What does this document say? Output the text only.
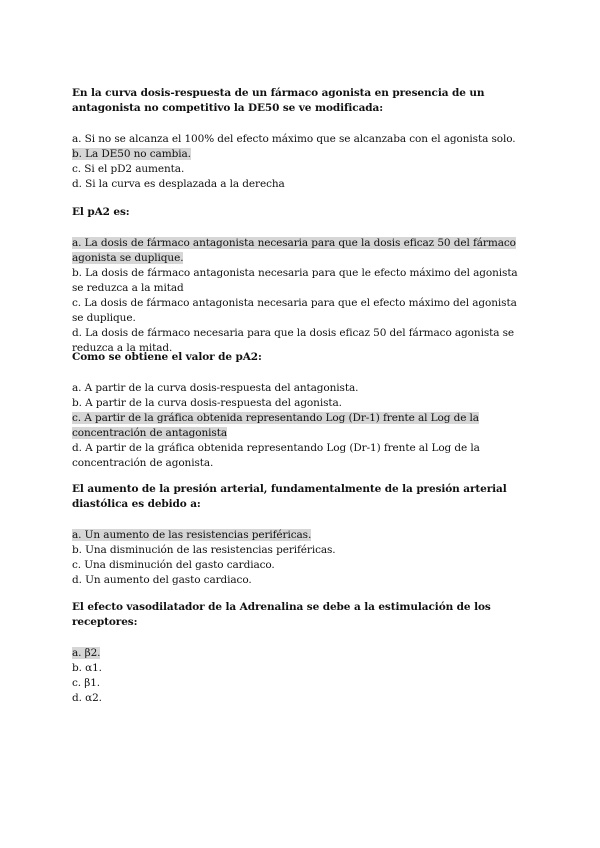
En la curva dosis-respuesta de un fármaco agonista en presencia de un antagonista no competitivo la DE50 se ve modificada:

a. Si no se alcanza el 100% del efecto máximo que se alcanzaba con el agonista solo.

b. La DE50 no cambia.

c. Si el pD2 aumenta.

d. Si la curva es desplazada a la derecha

El pA2 es:

a. La dosis de fármaco antagonista necesaria para que la dosis eficaz 50 del fármaco agonista se duplique.

b. La dosis de fármaco antagonista necesaria para que le efecto máximo del agonista se reduzca a la mitad

c. La dosis de fármaco antagonista necesaria para que el efecto máximo del agonista se duplique.

d. La dosis de fármaco necesaria para que la dosis eficaz 50 del fármaco agonista se reduzca a la mitad.

Como se obtiene el valor de pA2:

a. A partir de la curva dosis-respuesta del antagonista.

b. A partir de la curva dosis-respuesta del agonista.

c. A partir de la gráfica obtenida representando Log (Dr-1) frente al Log de la concentración de antagonista

d. A partir de la gráfica obtenida representando Log (Dr-1) frente al Log de la concentración de agonista.

El aumento de la presión arterial, fundamentalmente de la presión arterial diastólica es debido a:

a. Un aumento de las resistencias periféricas.

b. Una disminución de las resistencias periféricas.

c. Una disminución del gasto cardiaco.

d. Un aumento del gasto cardiaco.

El efecto vasodilatador de la Adrenalina se debe a la estimulación de los receptores:

a. β2.

b. α1.

c. β1.

d. α2.
